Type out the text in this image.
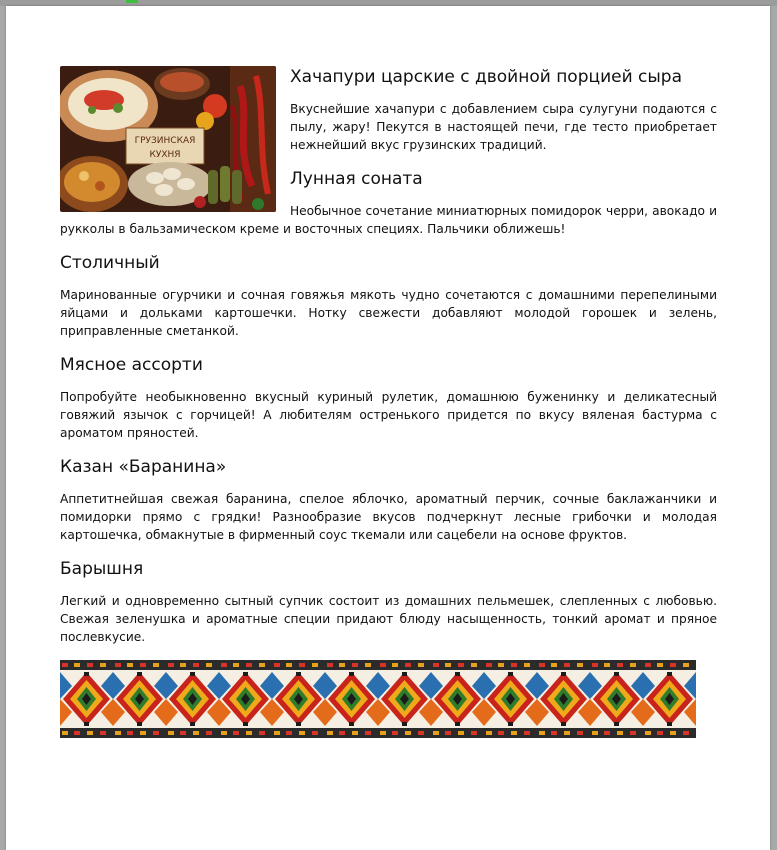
ГРУЗИНСКАЯ
КУХНЯ
Хачапури царские с двойной порцией сыра

Вкуснейшие хачапури с добавлением сыра сулугуни подаются с пылу, жару! Пекутся в настоящей печи, где тесто приобретает нежнейший вкус грузинских традиций.

Лунная соната

Необычное сочетание миниатюрных помидорок черри, авокадо и рукколы в бальзамическом креме и восточных специях. Пальчики оближешь!

Столичный

Маринованные огурчики и сочная говяжья мякоть чудно сочетаются с домашними перепелиными яйцами и дольками картошечки. Нотку свежести добавляют молодой горошек и зелень, приправленные сметанкой.

Мясное ассорти

Попробуйте необыкновенно вкусный куриный рулетик, домашнюю буженинку и деликатесный говяжий язычок с горчицей! А любителям остренького придется по вкусу вяленая бастурма с ароматом пряностей.

Казан «Баранина»

Аппетитнейшая свежая баранина, спелое яблочко, ароматный перчик, сочные баклажанчики и помидорки прямо с грядки! Разнообразие вкусов подчеркнут лесные грибочки и молодая картошечка, обмакнутые в фирменный соус ткемали или сацебели на основе фруктов.

Барышня

Легкий и одновременно сытный супчик состоит из домашних пельмешек, слепленных с любовью. Свежая зеленушка и ароматные специи придают блюду насыщенность, тонкий аромат и пряное послевкусие.
